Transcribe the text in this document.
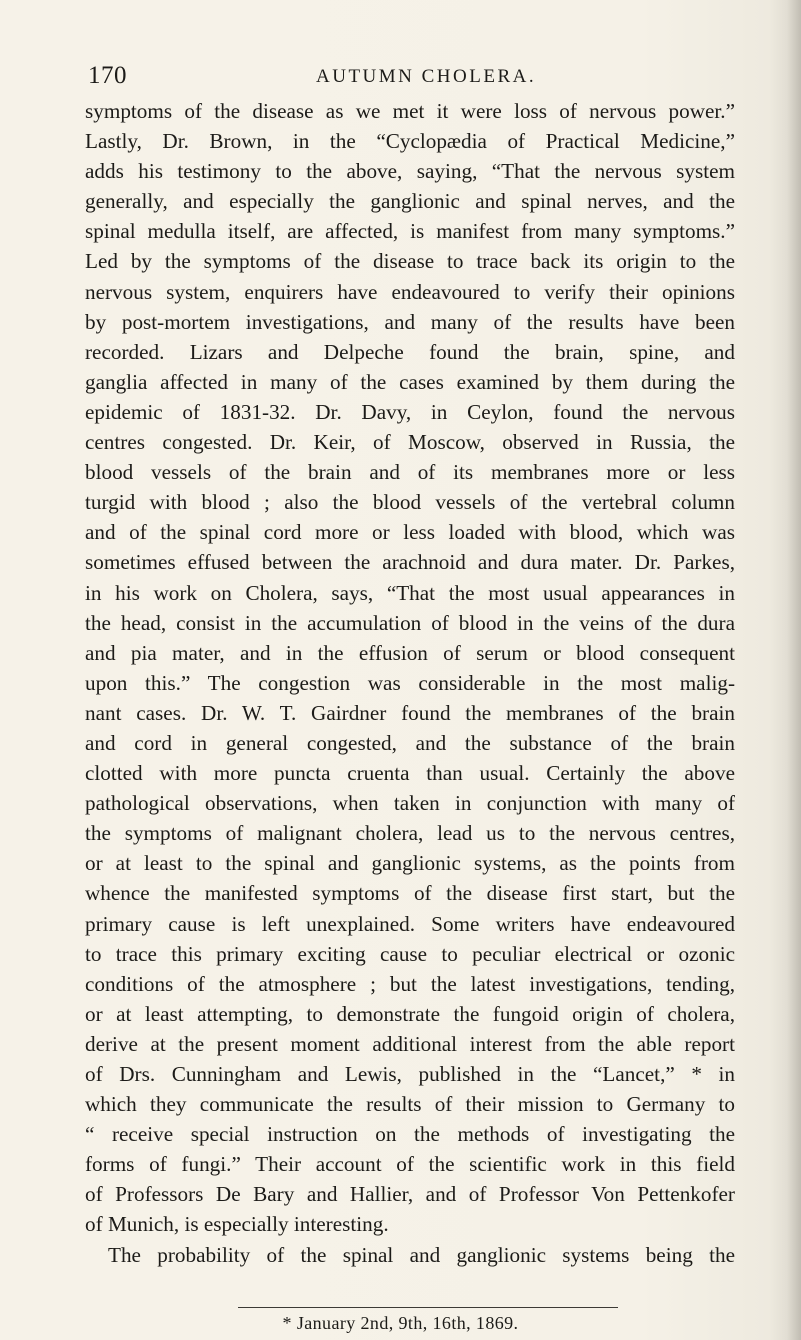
170	AUTUMN CHOLERA.
symptoms of the disease as we met it were loss of nervous power.”
Lastly, Dr. Brown, in the “Cyclopædia of Practical Medicine,”
adds his testimony to the above, saying, “That the nervous system
generally, and especially the ganglionic and spinal nerves, and the
spinal medulla itself, are affected, is manifest from many symptoms.”
Led by the symptoms of the disease to trace back its origin to the
nervous system, enquirers have endeavoured to verify their opinions
by post-mortem investigations, and many of the results have been
recorded. Lizars and Delpeche found the brain, spine, and
ganglia affected in many of the cases examined by them during the
epidemic of 1831-32. Dr. Davy, in Ceylon, found the nervous
centres congested. Dr. Keir, of Moscow, observed in Russia, the
blood vessels of the brain and of its membranes more or less
turgid with blood ; also the blood vessels of the vertebral column
and of the spinal cord more or less loaded with blood, which was
sometimes effused between the arachnoid and dura mater. Dr. Parkes,
in his work on Cholera, says, “That the most usual appearances in
the head, consist in the accumulation of blood in the veins of the dura
and pia mater, and in the effusion of serum or blood consequent
upon this.” The congestion was considerable in the most malig-
nant cases. Dr. W. T. Gairdner found the membranes of the brain
and cord in general congested, and the substance of the brain
clotted with more puncta cruenta than usual. Certainly the above
pathological observations, when taken in conjunction with many of
the symptoms of malignant cholera, lead us to the nervous centres,
or at least to the spinal and ganglionic systems, as the points from
whence the manifested symptoms of the disease first start, but the
primary cause is left unexplained. Some writers have endeavoured
to trace this primary exciting cause to peculiar electrical or ozonic
conditions of the atmosphere ; but the latest investigations, tending,
or at least attempting, to demonstrate the fungoid origin of cholera,
derive at the present moment additional interest from the able report
of Drs. Cunningham and Lewis, published in the “Lancet,” * in
which they communicate the results of their mission to Germany to
“ receive special instruction on the methods of investigating the
forms of fungi.” Their account of the scientific work in this field
of Professors De Bary and Hallier, and of Professor Von Pettenkofer
of Munich, is especially interesting.
The probability of the spinal and ganglionic systems being the
* January 2nd, 9th, 16th, 1869.
